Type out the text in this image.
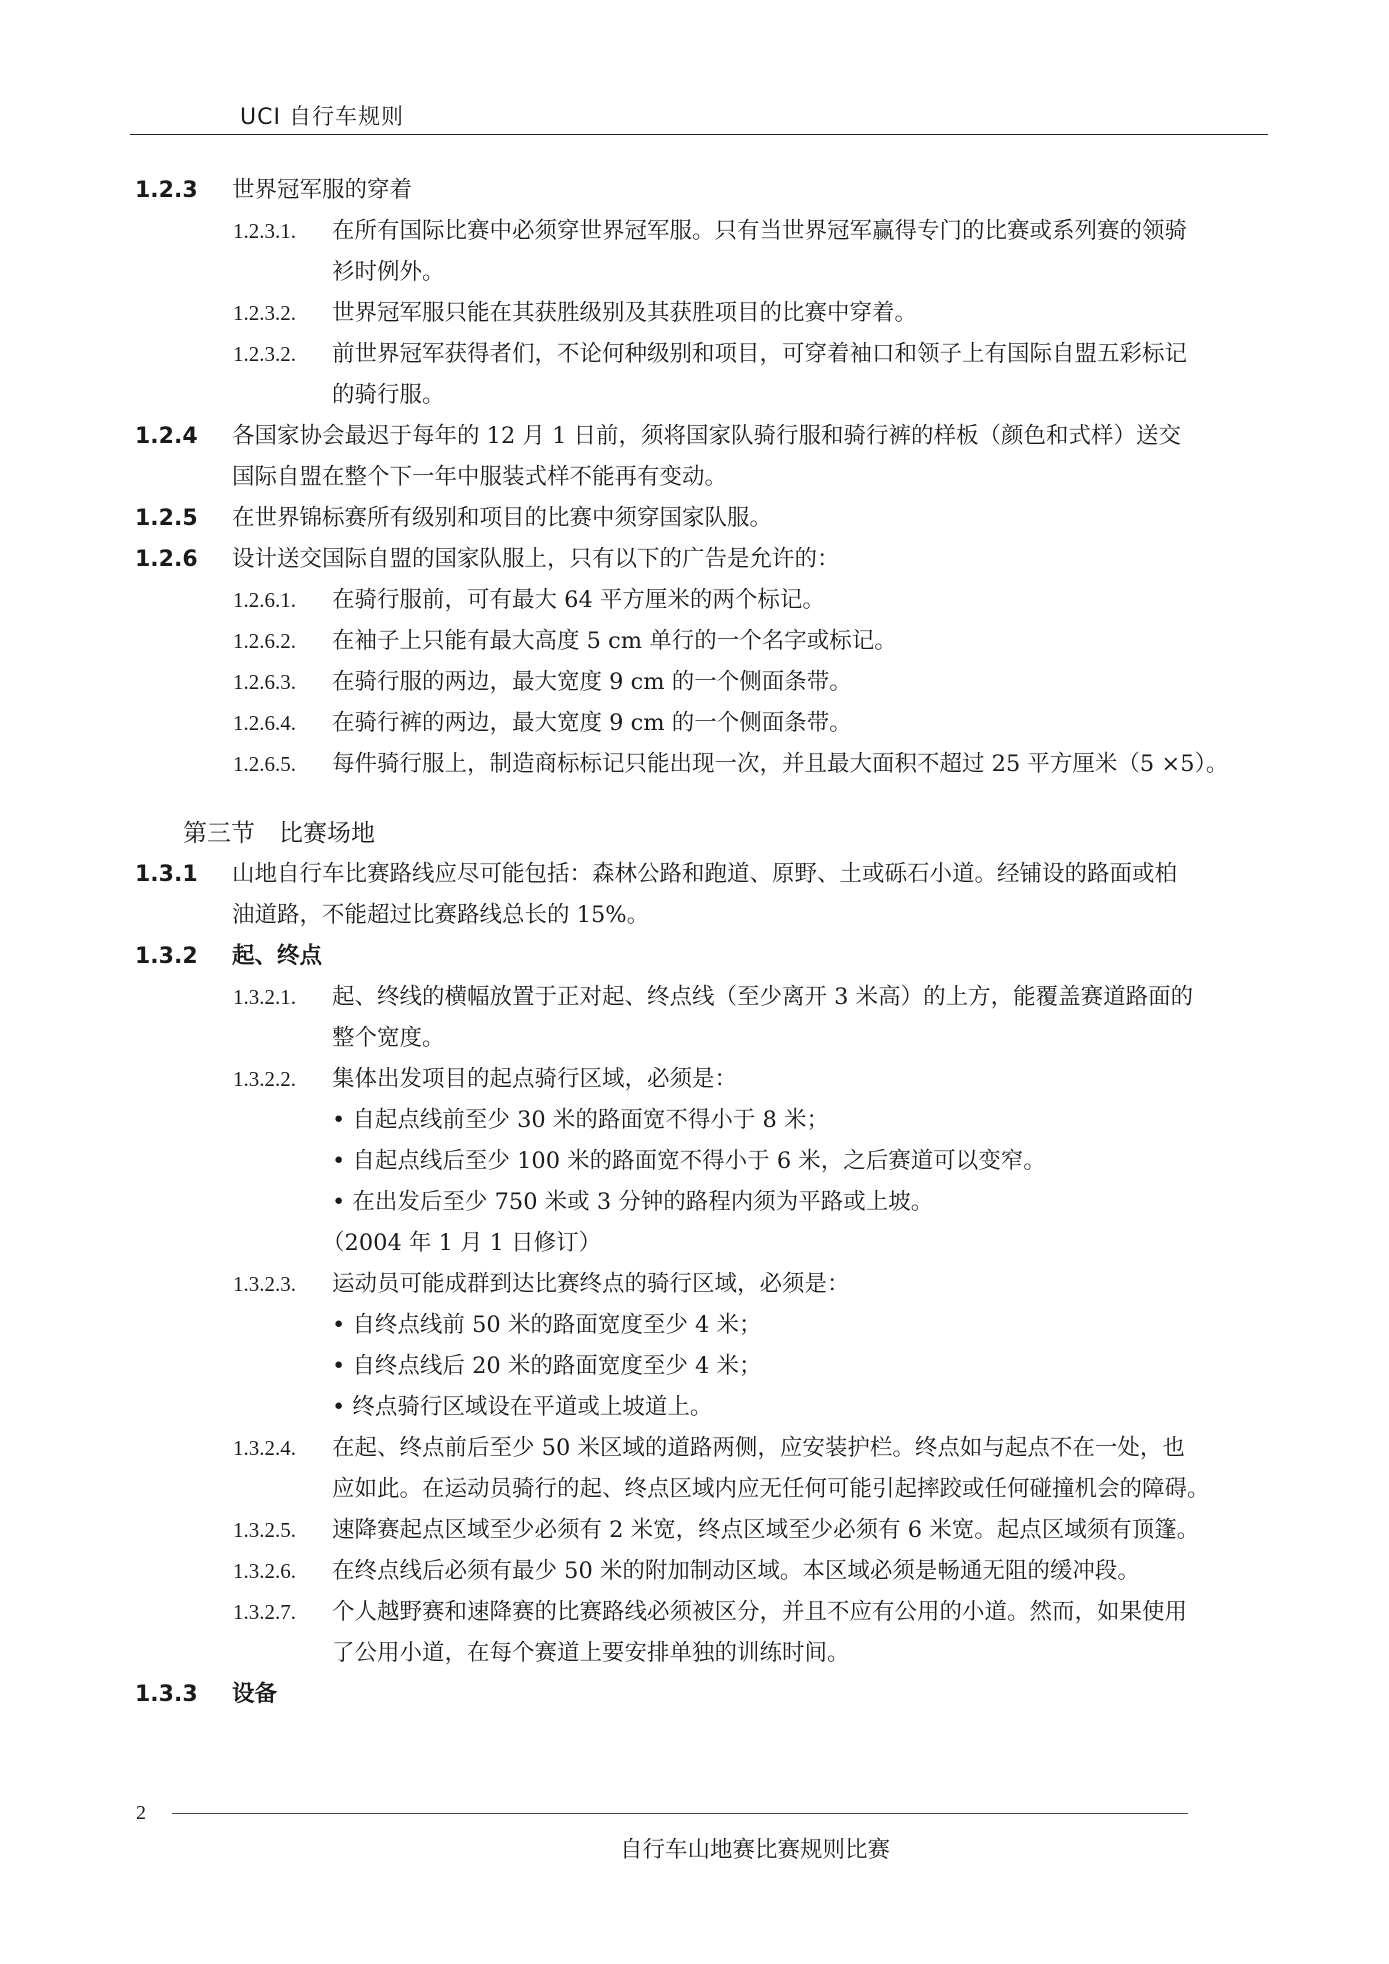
UCI 自行车规则
1.2.3 世界冠军服的穿着
1.2.3.1. 在所有国际比赛中必须穿世界冠军服。只有当世界冠军赢得专门的比赛或系列赛的领骑
衫时例外。
1.2.3.2. 世界冠军服只能在其获胜级别及其获胜项目的比赛中穿着。
1.2.3.2. 前世界冠军获得者们，不论何种级别和项目，可穿着袖口和领子上有国际自盟五彩标记
的骑行服。
1.2.4 各国家协会最迟于每年的 12 月 1 日前，须将国家队骑行服和骑行裤的样板（颜色和式样）送交
国际自盟在整个下一年中服装式样不能再有变动。
1.2.5 在世界锦标赛所有级别和项目的比赛中须穿国家队服。
1.2.6 设计送交国际自盟的国家队服上，只有以下的广告是允许的：
1.2.6.1. 在骑行服前，可有最大 64 平方厘米的两个标记。
1.2.6.2. 在袖子上只能有最大高度 5 cm 单行的一个名字或标记。
1.2.6.3. 在骑行服的两边，最大宽度 9 cm 的一个侧面条带。
1.2.6.4. 在骑行裤的两边，最大宽度 9 cm 的一个侧面条带。
1.2.6.5. 每件骑行服上，制造商标标记只能出现一次，并且最大面积不超过 25 平方厘米（5 ×5）。
第三节　比赛场地
1.3.1 山地自行车比赛路线应尽可能包括：森林公路和跑道、原野、土或砾石小道。经铺设的路面或柏
油道路，不能超过比赛路线总长的 15%。
1.3.2 起、终点
1.3.2.1. 起、终线的横幅放置于正对起、终点线（至少离开 3 米高）的上方，能覆盖赛道路面的
整个宽度。
1.3.2.2. 集体出发项目的起点骑行区域，必须是：
• 自起点线前至少 30 米的路面宽不得小于 8 米；
• 自起点线后至少 100 米的路面宽不得小于 6 米，之后赛道可以变窄。
• 在出发后至少 750 米或 3 分钟的路程内须为平路或上坡。
（2004 年 1 月 1 日修订）
1.3.2.3. 运动员可能成群到达比赛终点的骑行区域，必须是：
• 自终点线前 50 米的路面宽度至少 4 米；
• 自终点线后 20 米的路面宽度至少 4 米；
• 终点骑行区域设在平道或上坡道上。
1.3.2.4. 在起、终点前后至少 50 米区域的道路两侧，应安装护栏。终点如与起点不在一处，也
应如此。在运动员骑行的起、终点区域内应无任何可能引起摔跤或任何碰撞机会的障碍。
1.3.2.5. 速降赛起点区域至少必须有 2 米宽，终点区域至少必须有 6 米宽。起点区域须有顶篷。
1.3.2.6. 在终点线后必须有最少 50 米的附加制动区域。本区域必须是畅通无阻的缓冲段。
1.3.2.7. 个人越野赛和速降赛的比赛路线必须被区分，并且不应有公用的小道。然而，如果使用
了公用小道，在每个赛道上要安排单独的训练时间。
1.3.3 设备
2
自行车山地赛比赛规则比赛
